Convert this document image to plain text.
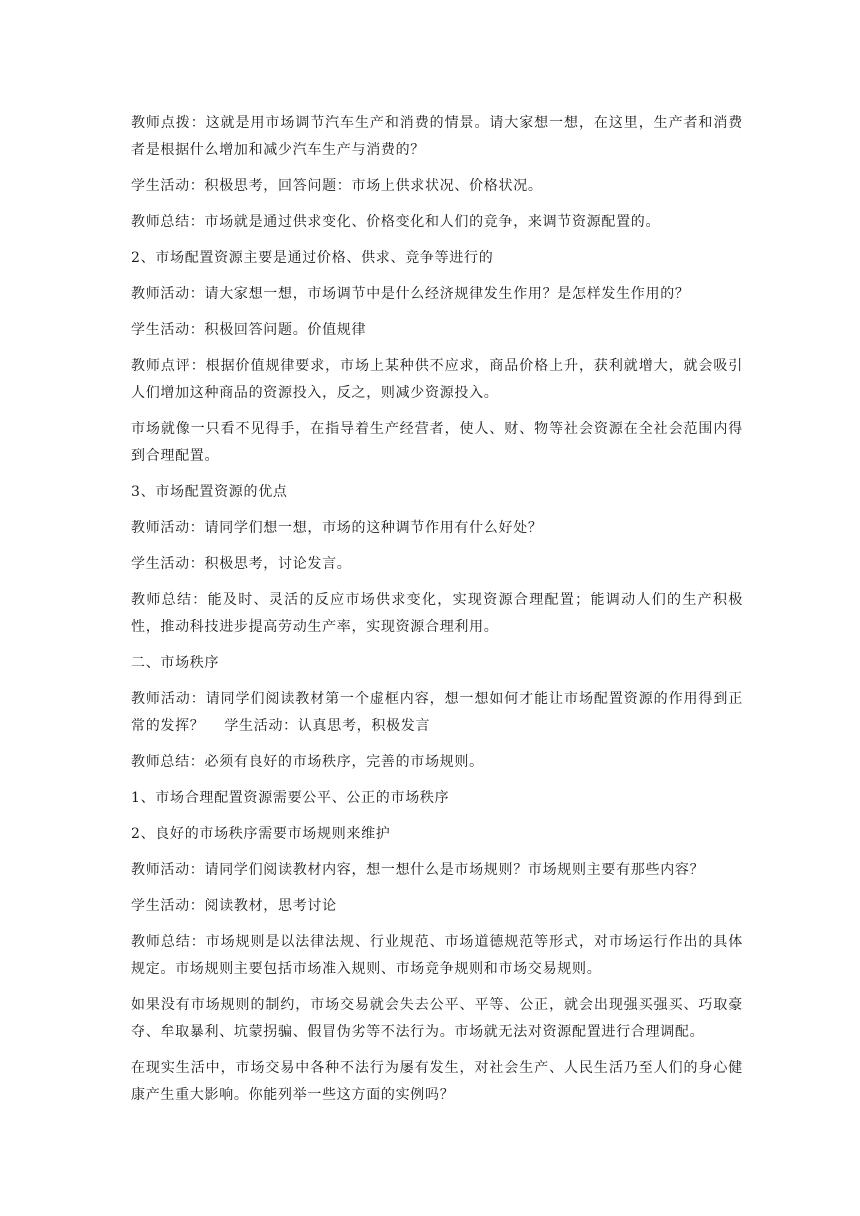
教师点拨：这就是用市场调节汽车生产和消费的情景。请大家想一想，在这里，生产者和消费者是根据什么增加和减少汽车生产与消费的？

学生活动：积极思考，回答问题：市场上供求状况、价格状况。

教师总结：市场就是通过供求变化、价格变化和人们的竞争，来调节资源配置的。

2、市场配置资源主要是通过价格、供求、竞争等进行的

教师活动：请大家想一想，市场调节中是什么经济规律发生作用？是怎样发生作用的？

学生活动：积极回答问题。价值规律

教师点评：根据价值规律要求，市场上某种供不应求，商品价格上升，获利就增大，就会吸引人们增加这种商品的资源投入，反之，则减少资源投入。

市场就像一只看不见得手，在指导着生产经营者，使人、财、物等社会资源在全社会范围内得到合理配置。

3、市场配置资源的优点

教师活动：请同学们想一想，市场的这种调节作用有什么好处？

学生活动：积极思考，讨论发言。

教师总结：能及时、灵活的反应市场供求变化，实现资源合理配置；能调动人们的生产积极性，推动科技进步提高劳动生产率，实现资源合理利用。

二、市场秩序

教师活动：请同学们阅读教材第一个虚框内容，想一想如何才能让市场配置资源的作用得到正常的发挥？　 学生活动：认真思考，积极发言

教师总结：必须有良好的市场秩序，完善的市场规则。

1、市场合理配置资源需要公平、公正的市场秩序

2、良好的市场秩序需要市场规则来维护

教师活动：请同学们阅读教材内容，想一想什么是市场规则？市场规则主要有那些内容？

学生活动：阅读教材，思考讨论

教师总结：市场规则是以法律法规、行业规范、市场道德规范等形式，对市场运行作出的具体规定。市场规则主要包括市场准入规则、市场竞争规则和市场交易规则。

如果没有市场规则的制约，市场交易就会失去公平、平等、公正，就会出现强买强买、巧取豪夺、牟取暴利、坑蒙拐骗、假冒伪劣等不法行为。市场就无法对资源配置进行合理调配。

在现实生活中，市场交易中各种不法行为屡有发生，对社会生产、人民生活乃至人们的身心健康产生重大影响。你能列举一些这方面的实例吗？
